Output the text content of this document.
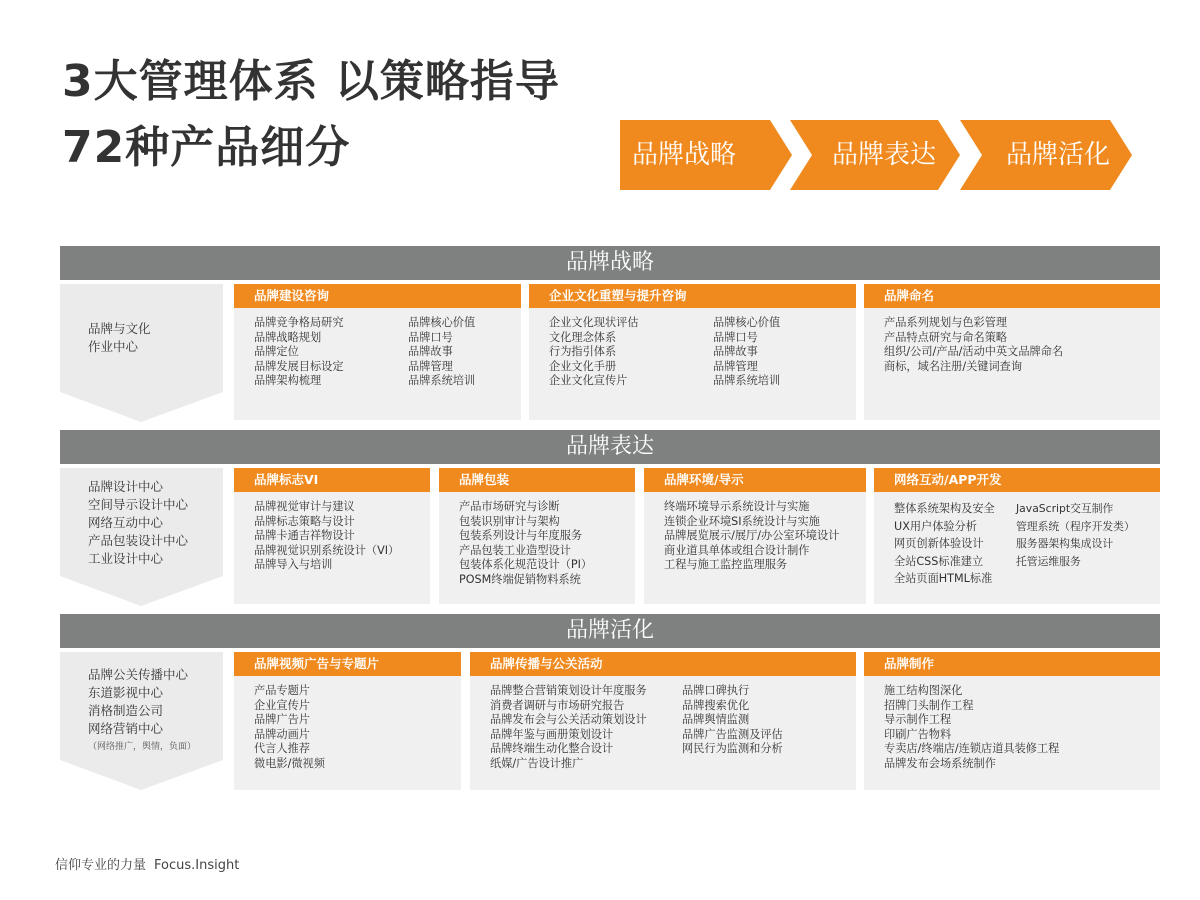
3大管理体系 以策略指导
72种产品细分	品牌战略	品牌表达	品牌活化
品牌战略
品牌与文化
作业中心
品牌建设咨询
品牌竞争格局研究
品牌战略规划
品牌定位
品牌发展目标设定
品牌架构梳理
品牌核心价值
品牌口号
品牌故事
品牌管理
品牌系统培训
企业文化重塑与提升咨询
企业文化现状评估
文化理念体系
行为指引体系
企业文化手册
企业文化宣传片
品牌核心价值
品牌口号
品牌故事
品牌管理
品牌系统培训
品牌命名
产品系列规划与色彩管理
产品特点研究与命名策略
组织/公司/产品/活动中英文品牌命名
商标，域名注册/关键词查询
品牌表达
品牌设计中心
空间导示设计中心
网络互动中心
产品包装设计中心
工业设计中心
品牌标志VI
品牌视觉审计与建议
品牌标志策略与设计
品牌卡通吉祥物设计
品牌视觉识别系统设计（VI）
品牌导入与培训
品牌包装
产品市场研究与诊断
包装识别审计与架构
包装系列设计与年度服务
产品包装工业造型设计
包装体系化规范设计（PI）
POSM终端促销物料系统
品牌环境/导示
终端环境导示系统设计与实施
连锁企业环境SI系统设计与实施
品牌展览展示/展厅/办公室环境设计
商业道具单体或组合设计制作
工程与施工监控监理服务
网络互动/APP开发
整体系统架构及安全
UX用户体验分析
网页创新体验设计
全站CSS标准建立
全站页面HTML标准
JavaScript交互制作
管理系统（程序开发类）
服务器架构集成设计
托管运维服务
品牌活化
品牌公关传播中心
东道影视中心
消格制造公司
网络营销中心
（网络推广，舆情，负面）
品牌视频广告与专题片
产品专题片
企业宣传片
品牌广告片
品牌动画片
代言人推荐
微电影/微视频
品牌传播与公关活动
品牌整合营销策划设计年度服务
消费者调研与市场研究报告
品牌发布会与公关活动策划设计
品牌年鉴与画册策划设计
品牌终端生动化整合设计
纸媒/广告设计推广
品牌口碑执行
品牌搜索优化
品牌舆情监测
品牌广告监测及评估
网民行为监测和分析
品牌制作
施工结构图深化
招牌门头制作工程
导示制作工程
印刷广告物料
专卖店/终端店/连锁店道具装修工程
品牌发布会场系统制作
信仰专业的力量 Focus.Insight
